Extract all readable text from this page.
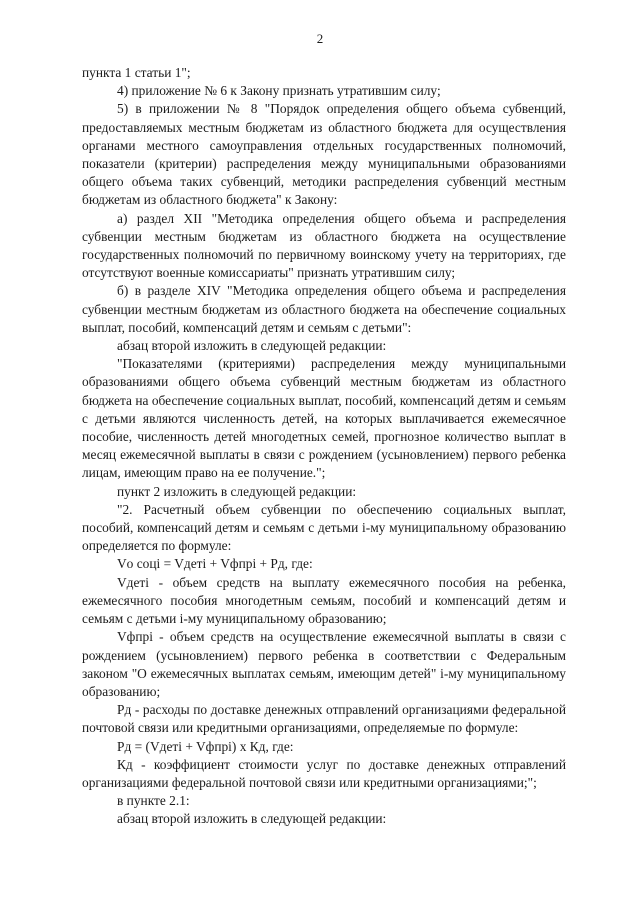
2

пункта 1 статьи 1";

4) приложение № 6 к Закону признать утратившим силу;

5) в приложении № 8 "Порядок определения общего объема субвенций, предоставляемых местным бюджетам из областного бюджета для осуществления органами местного самоуправления отдельных государственных полномочий, показатели (критерии) распределения между муниципальными образованиями общего объема таких субвенций, методики распределения субвенций местным бюджетам из областного бюджета" к Закону:

а) раздел XII "Методика определения общего объема и распределения субвенции местным бюджетам из областного бюджета на осуществление государственных полномочий по первичному воинскому учету на территориях, где отсутствуют военные комиссариаты" признать утратившим силу;

б) в разделе XIV "Методика определения общего объема и распределения субвенции местным бюджетам из областного бюджета на обеспечение социальных выплат, пособий, компенсаций детям и семьям с детьми":

абзац второй изложить в следующей редакции:

"Показателями (критериями) распределения между муниципальными образованиями общего объема субвенций местным бюджетам из областного бюджета на обеспечение социальных выплат, пособий, компенсаций детям и семьям с детьми являются численность детей, на которых выплачивается ежемесячное пособие, численность детей многодетных семей, прогнозное количество выплат в месяц ежемесячной выплаты в связи с рождением (усыновлением) первого ребенка лицам, имеющим право на ее получение.";

пункт 2 изложить в следующей редакции:

"2. Расчетный объем субвенции по обеспечению социальных выплат, пособий, компенсаций детям и семьям с детьми i-му муниципальному образованию определяется по формуле:

Vо соцi = Vдетi + Vфпрi + Pд, где:

Vдетi - объем средств на выплату ежемесячного пособия на ребенка, ежемесячного пособия многодетным семьям, пособий и компенсаций детям и семьям с детьми i-му муниципальному образованию;

Vфпрi - объем средств на осуществление ежемесячной выплаты в связи с рождением (усыновлением) первого ребенка в соответствии с Федеральным законом "О ежемесячных выплатах семьям, имеющим детей" i-му муниципальному образованию;

Pд - расходы по доставке денежных отправлений организациями федеральной почтовой связи или кредитными организациями, определяемые по формуле:

Pд = (Vдетi + Vфпрi) x Кд, где:

Кд - коэффициент стоимости услуг по доставке денежных отправлений организациями федеральной почтовой связи или кредитными организациями;";

в пункте 2.1:

абзац второй изложить в следующей редакции:
